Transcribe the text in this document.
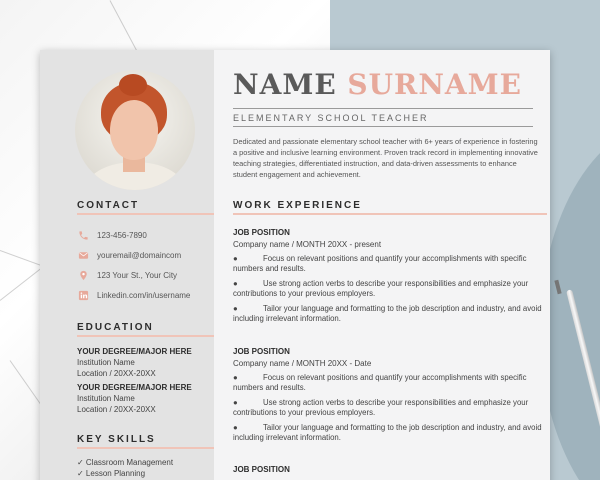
CONTACT
123-456-7890
youremail@domaincom
123 Your St., Your City
Linkedin.com/in/username
EDUCATION
YOUR DEGREE/MAJOR HERE
Institution Name
Location / 20XX-20XX
YOUR DEGREE/MAJOR HERE
Institution Name
Location / 20XX-20XX
KEY SKILLS
✓ Classroom Management
✓ Lesson Planning
NAME SURNAME
ELEMENTARY SCHOOL TEACHER
Dedicated and passionate elementary school teacher with 6+ years of experience in fostering a positive and inclusive learning environment. Proven track record in implementing innovative teaching strategies, differentiated instruction, and data-driven assessments to enhance student engagement and achievement.
WORK EXPERIENCE
JOB POSITION
Company name / MONTH 20XX - present
●	Focus on relevant positions and quantify your accomplishments with specific numbers and results.
●	Use strong action verbs to describe your responsibilities and emphasize your contributions to your previous employers.
●	Tailor your language and formatting to the job description and industry, and avoid including irrelevant information.
JOB POSITION
Company name / MONTH 20XX - Date
●	Focus on relevant positions and quantify your accomplishments with specific numbers and results.
●	Use strong action verbs to describe your responsibilities and emphasize your contributions to your previous employers.
●	Tailor your language and formatting to the job description and industry, and avoid including irrelevant information.
JOB POSITION
